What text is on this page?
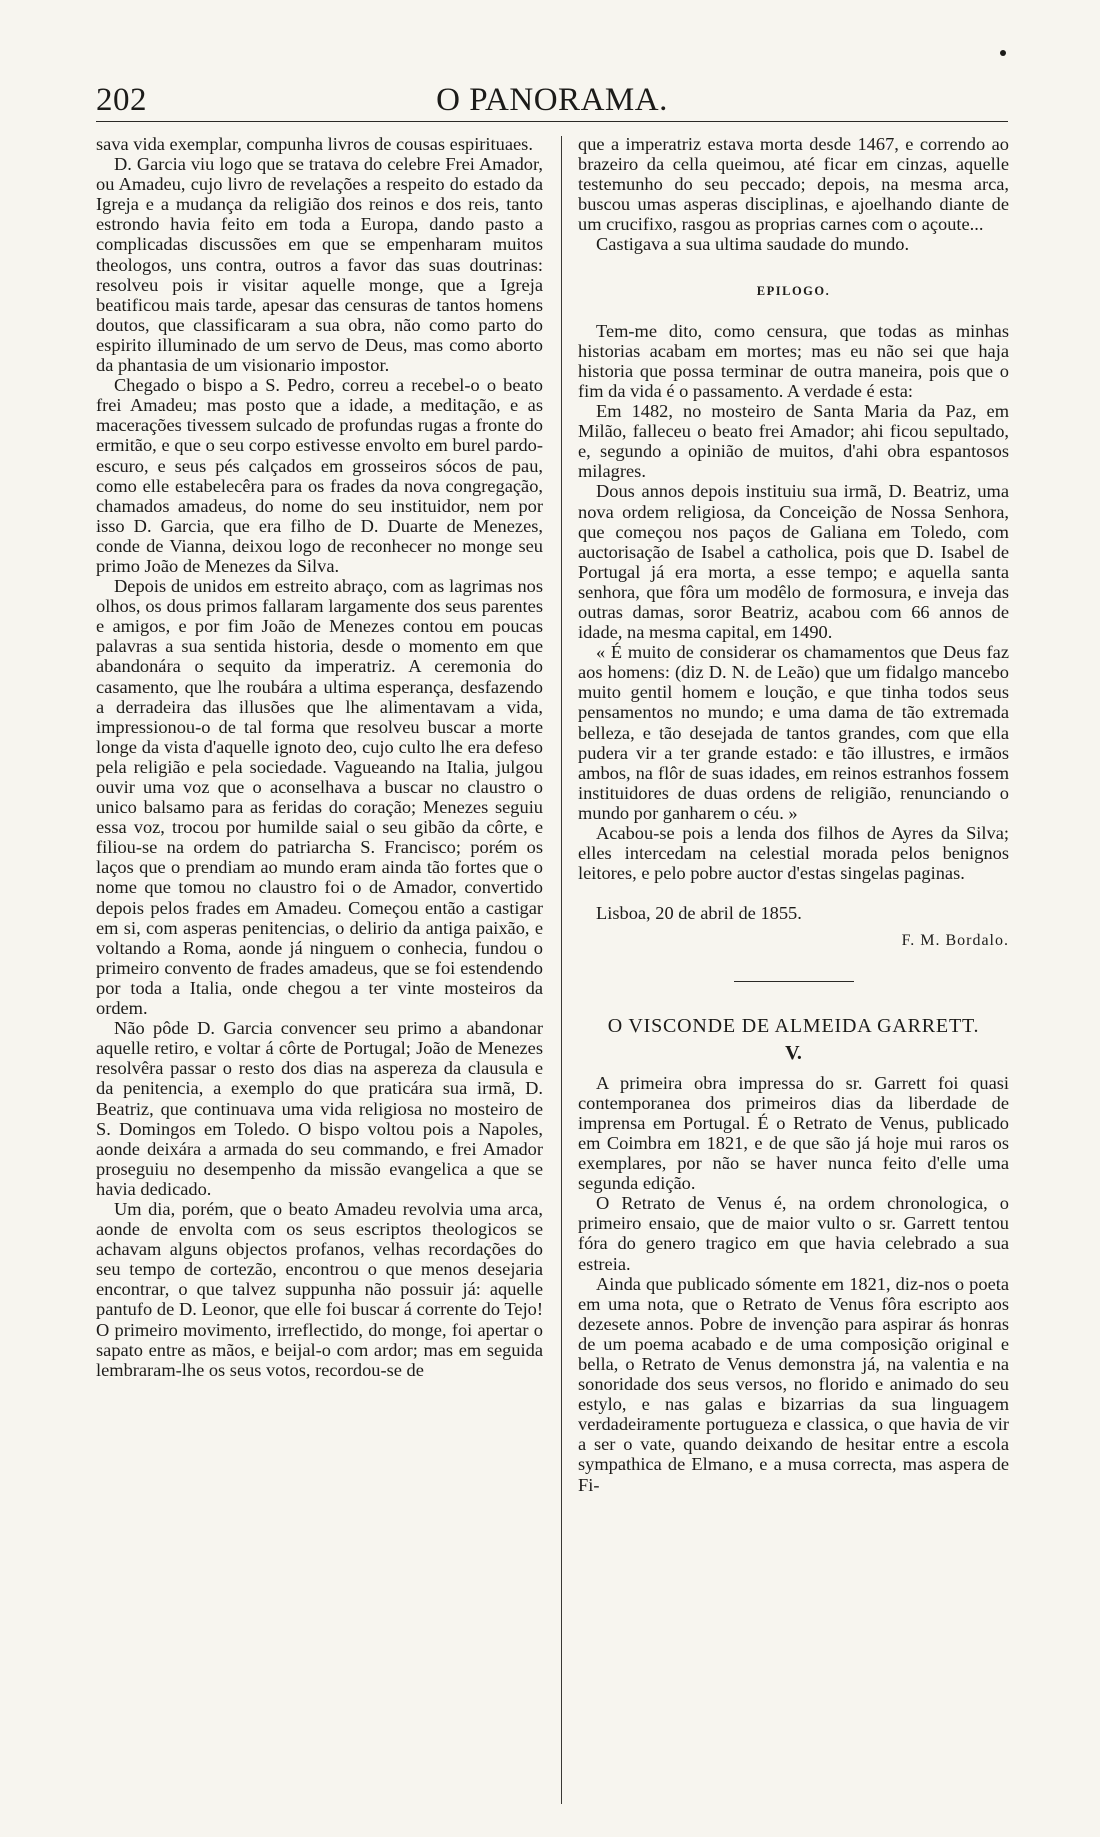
202	O PANORAMA.

sava vida exemplar, compunha livros de cousas espirituaes.

D. Garcia viu logo que se tratava do celebre Frei Amador, ou Amadeu, cujo livro de revelações a respeito do estado da Igreja e a mudança da religião dos reinos e dos reis, tanto estrondo havia feito em toda a Europa, dando pasto a complicadas discussões em que se empenharam muitos theologos, uns contra, outros a favor das suas doutrinas: resolveu pois ir visitar aquelle monge, que a Igreja beatificou mais tarde, apesar das censuras de tantos homens doutos, que classificaram a sua obra, não como parto do espirito illuminado de um servo de Deus, mas como aborto da phantasia de um visionario impostor.

Chegado o bispo a S. Pedro, correu a recebel-o o beato frei Amadeu; mas posto que a idade, a meditação, e as macerações tivessem sulcado de profundas rugas a fronte do ermitão, e que o seu corpo estivesse envolto em burel pardo-escuro, e seus pés calçados em grosseiros sócos de pau, como elle estabelecêra para os frades da nova congregação, chamados amadeus, do nome do seu instituidor, nem por isso D. Garcia, que era filho de D. Duarte de Menezes, conde de Vianna, deixou logo de reconhecer no monge seu primo João de Menezes da Silva.

Depois de unidos em estreito abraço, com as lagrimas nos olhos, os dous primos fallaram largamente dos seus parentes e amigos, e por fim João de Menezes contou em poucas palavras a sua sentida historia, desde o momento em que abandonára o sequito da imperatriz. A ceremonia do casamento, que lhe roubára a ultima esperança, desfazendo a derradeira das illusões que lhe alimentavam a vida, impressionou-o de tal forma que resolveu buscar a morte longe da vista d'aquelle ignoto deo, cujo culto lhe era defeso pela religião e pela sociedade. Vagueando na Italia, julgou ouvir uma voz que o aconselhava a buscar no claustro o unico balsamo para as feridas do coração; Menezes seguiu essa voz, trocou por humilde saial o seu gibão da côrte, e filiou-se na ordem do patriarcha S. Francisco; porém os laços que o prendiam ao mundo eram ainda tão fortes que o nome que tomou no claustro foi o de Amador, convertido depois pelos frades em Amadeu. Começou então a castigar em si, com asperas penitencias, o delirio da antiga paixão, e voltando a Roma, aonde já ninguem o conhecia, fundou o primeiro convento de frades amadeus, que se foi estendendo por toda a Italia, onde chegou a ter vinte mosteiros da ordem.

Não pôde D. Garcia convencer seu primo a abandonar aquelle retiro, e voltar á côrte de Portugal; João de Menezes resolvêra passar o resto dos dias na aspereza da clausula e da penitencia, a exemplo do que praticára sua irmã, D. Beatriz, que continuava uma vida religiosa no mosteiro de S. Domingos em Toledo. O bispo voltou pois a Napoles, aonde deixára a armada do seu commando, e frei Amador proseguiu no desempenho da missão evangelica a que se havia dedicado.

Um dia, porém, que o beato Amadeu revolvia uma arca, aonde de envolta com os seus escriptos theologicos se achavam alguns objectos profanos, velhas recordações do seu tempo de cortezão, encontrou o que menos desejaria encontrar, o que talvez suppunha não possuir já: aquelle pantufo de D. Leonor, que elle foi buscar á corrente do Tejo! O primeiro movimento, irreflectido, do monge, foi apertar o sapato entre as mãos, e beijal-o com ardor; mas em seguida lembraram-lhe os seus votos, recordou-se de

que a imperatriz estava morta desde 1467, e correndo ao brazeiro da cella queimou, até ficar em cinzas, aquelle testemunho do seu peccado; depois, na mesma arca, buscou umas asperas disciplinas, e ajoelhando diante de um crucifixo, rasgou as proprias carnes com o açoute...

Castigava a sua ultima saudade do mundo.

EPILOGO.

Tem-me dito, como censura, que todas as minhas historias acabam em mortes; mas eu não sei que haja historia que possa terminar de outra maneira, pois que o fim da vida é o passamento. A verdade é esta:

Em 1482, no mosteiro de Santa Maria da Paz, em Milão, falleceu o beato frei Amador; ahi ficou sepultado, e, segundo a opinião de muitos, d'ahi obra espantosos milagres.

Dous annos depois instituiu sua irmã, D. Beatriz, uma nova ordem religiosa, da Conceição de Nossa Senhora, que começou nos paços de Galiana em Toledo, com auctorisação de Isabel a catholica, pois que D. Isabel de Portugal já era morta, a esse tempo; e aquella santa senhora, que fôra um modêlo de formosura, e inveja das outras damas, soror Beatriz, acabou com 66 annos de idade, na mesma capital, em 1490.

« É muito de considerar os chamamentos que Deus faz aos homens: (diz D. N. de Leão) que um fidalgo mancebo muito gentil homem e loução, e que tinha todos seus pensamentos no mundo; e uma dama de tão extremada belleza, e tão desejada de tantos grandes, com que ella pudera vir a ter grande estado: e tão illustres, e irmãos ambos, na flôr de suas idades, em reinos estranhos fossem instituidores de duas ordens de religião, renunciando o mundo por ganharem o céu. »

Acabou-se pois a lenda dos filhos de Ayres da Silva; elles intercedam na celestial morada pelos benignos leitores, e pelo pobre auctor d'estas singelas paginas.

Lisboa, 20 de abril de 1855.

F. M. Bordalo.
O VISCONDE DE ALMEIDA GARRETT.
V.

A primeira obra impressa do sr. Garrett foi quasi contemporanea dos primeiros dias da liberdade de imprensa em Portugal. É o Retrato de Venus, publicado em Coimbra em 1821, e de que são já hoje mui raros os exemplares, por não se haver nunca feito d'elle uma segunda edição.

O Retrato de Venus é, na ordem chronologica, o primeiro ensaio, que de maior vulto o sr. Garrett tentou fóra do genero tragico em que havia celebrado a sua estreia.

Ainda que publicado sómente em 1821, diz-nos o poeta em uma nota, que o Retrato de Venus fôra escripto aos dezesete annos. Pobre de invenção para aspirar ás honras de um poema acabado e de uma composição original e bella, o Retrato de Venus demonstra já, na valentia e na sonoridade dos seus versos, no florido e animado do seu estylo, e nas galas e bizarrias da sua linguagem verdadeiramente portugueza e classica, o que havia de vir a ser o vate, quando deixando de hesitar entre a escola sympathica de Elmano, e a musa correcta, mas aspera de Fi-
